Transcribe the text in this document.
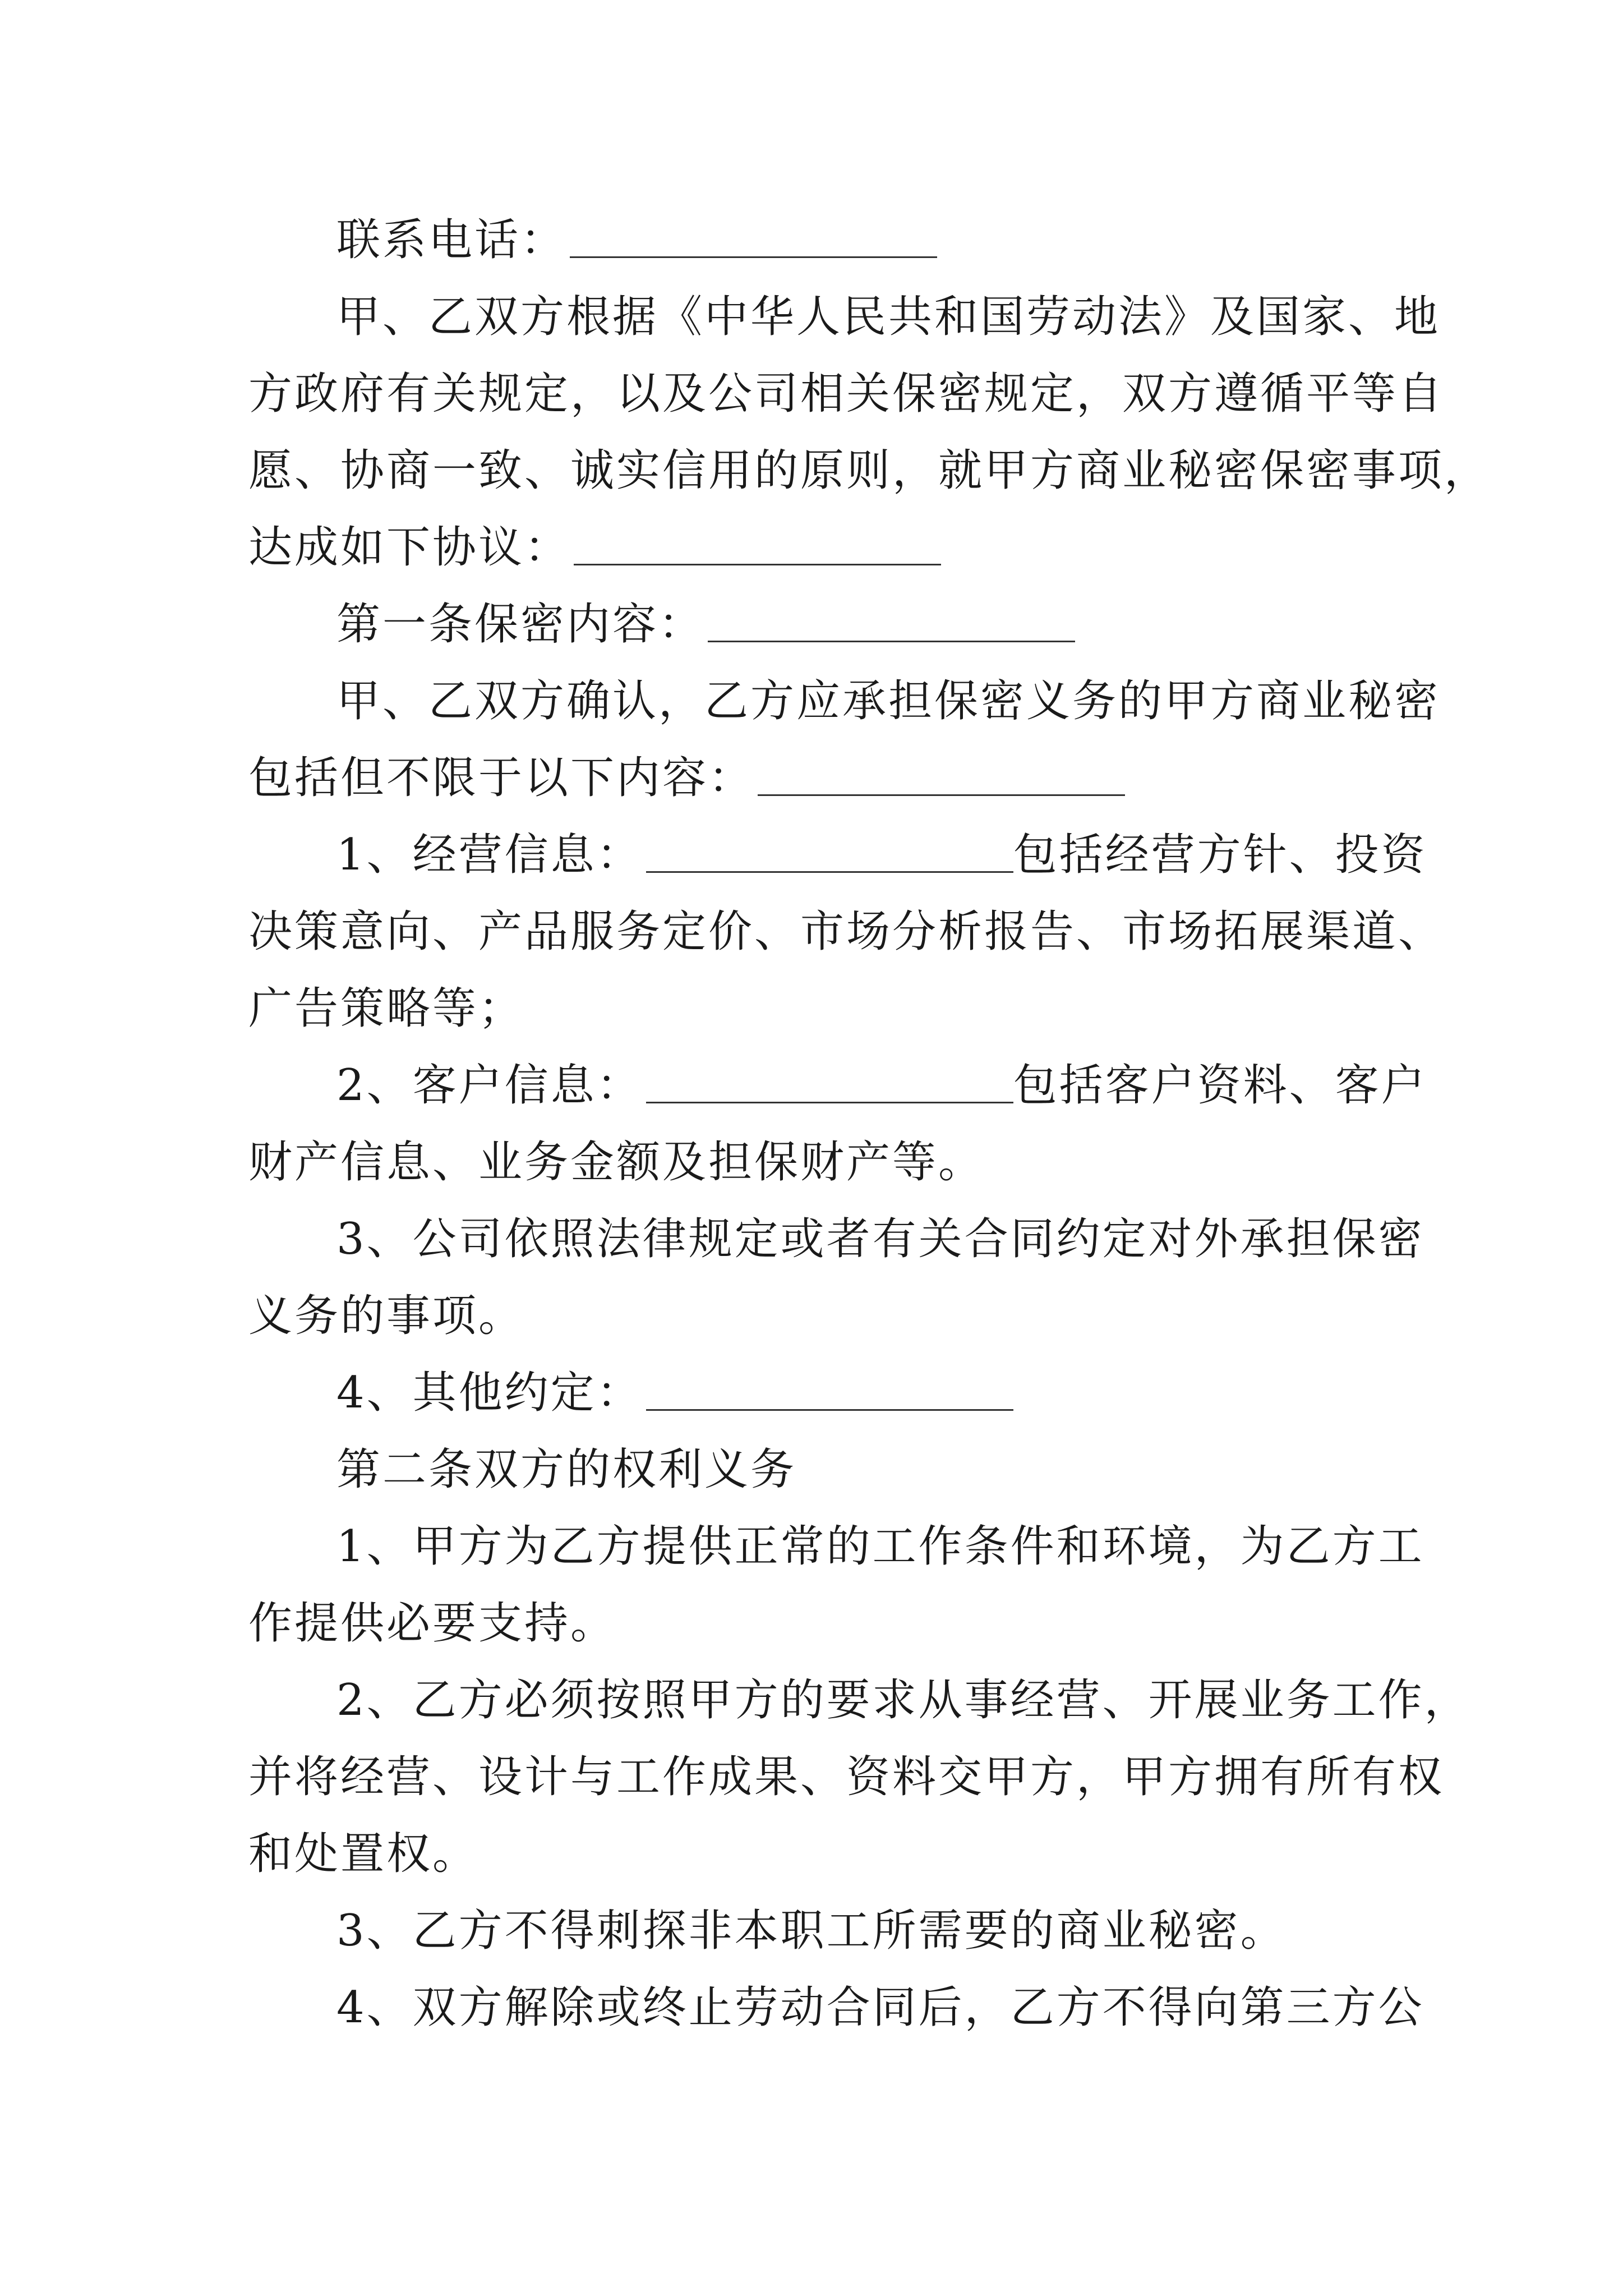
联系电话：
甲、乙双方根据《中华人民共和国劳动法》及国家、地
方政府有关规定，以及公司相关保密规定，双方遵循平等自
愿、协商一致、诚实信用的原则，就甲方商业秘密保密事项，
达成如下协议：
第一条保密内容：
甲、乙双方确认，乙方应承担保密义务的甲方商业秘密
包括但不限于以下内容：
1、经营信息：	包括经营方针、投资
决策意向、产品服务定价、市场分析报告、市场拓展渠道、
广告策略等；
2、客户信息：	包括客户资料、客户
财产信息、业务金额及担保财产等。
3、公司依照法律规定或者有关合同约定对外承担保密
义务的事项。
4、其他约定：
第二条双方的权利义务
1、甲方为乙方提供正常的工作条件和环境，为乙方工
作提供必要支持。
2、乙方必须按照甲方的要求从事经营、开展业务工作，
并将经营、设计与工作成果、资料交甲方，甲方拥有所有权
和处置权。
3、乙方不得刺探非本职工所需要的商业秘密。
4、双方解除或终止劳动合同后，乙方不得向第三方公
